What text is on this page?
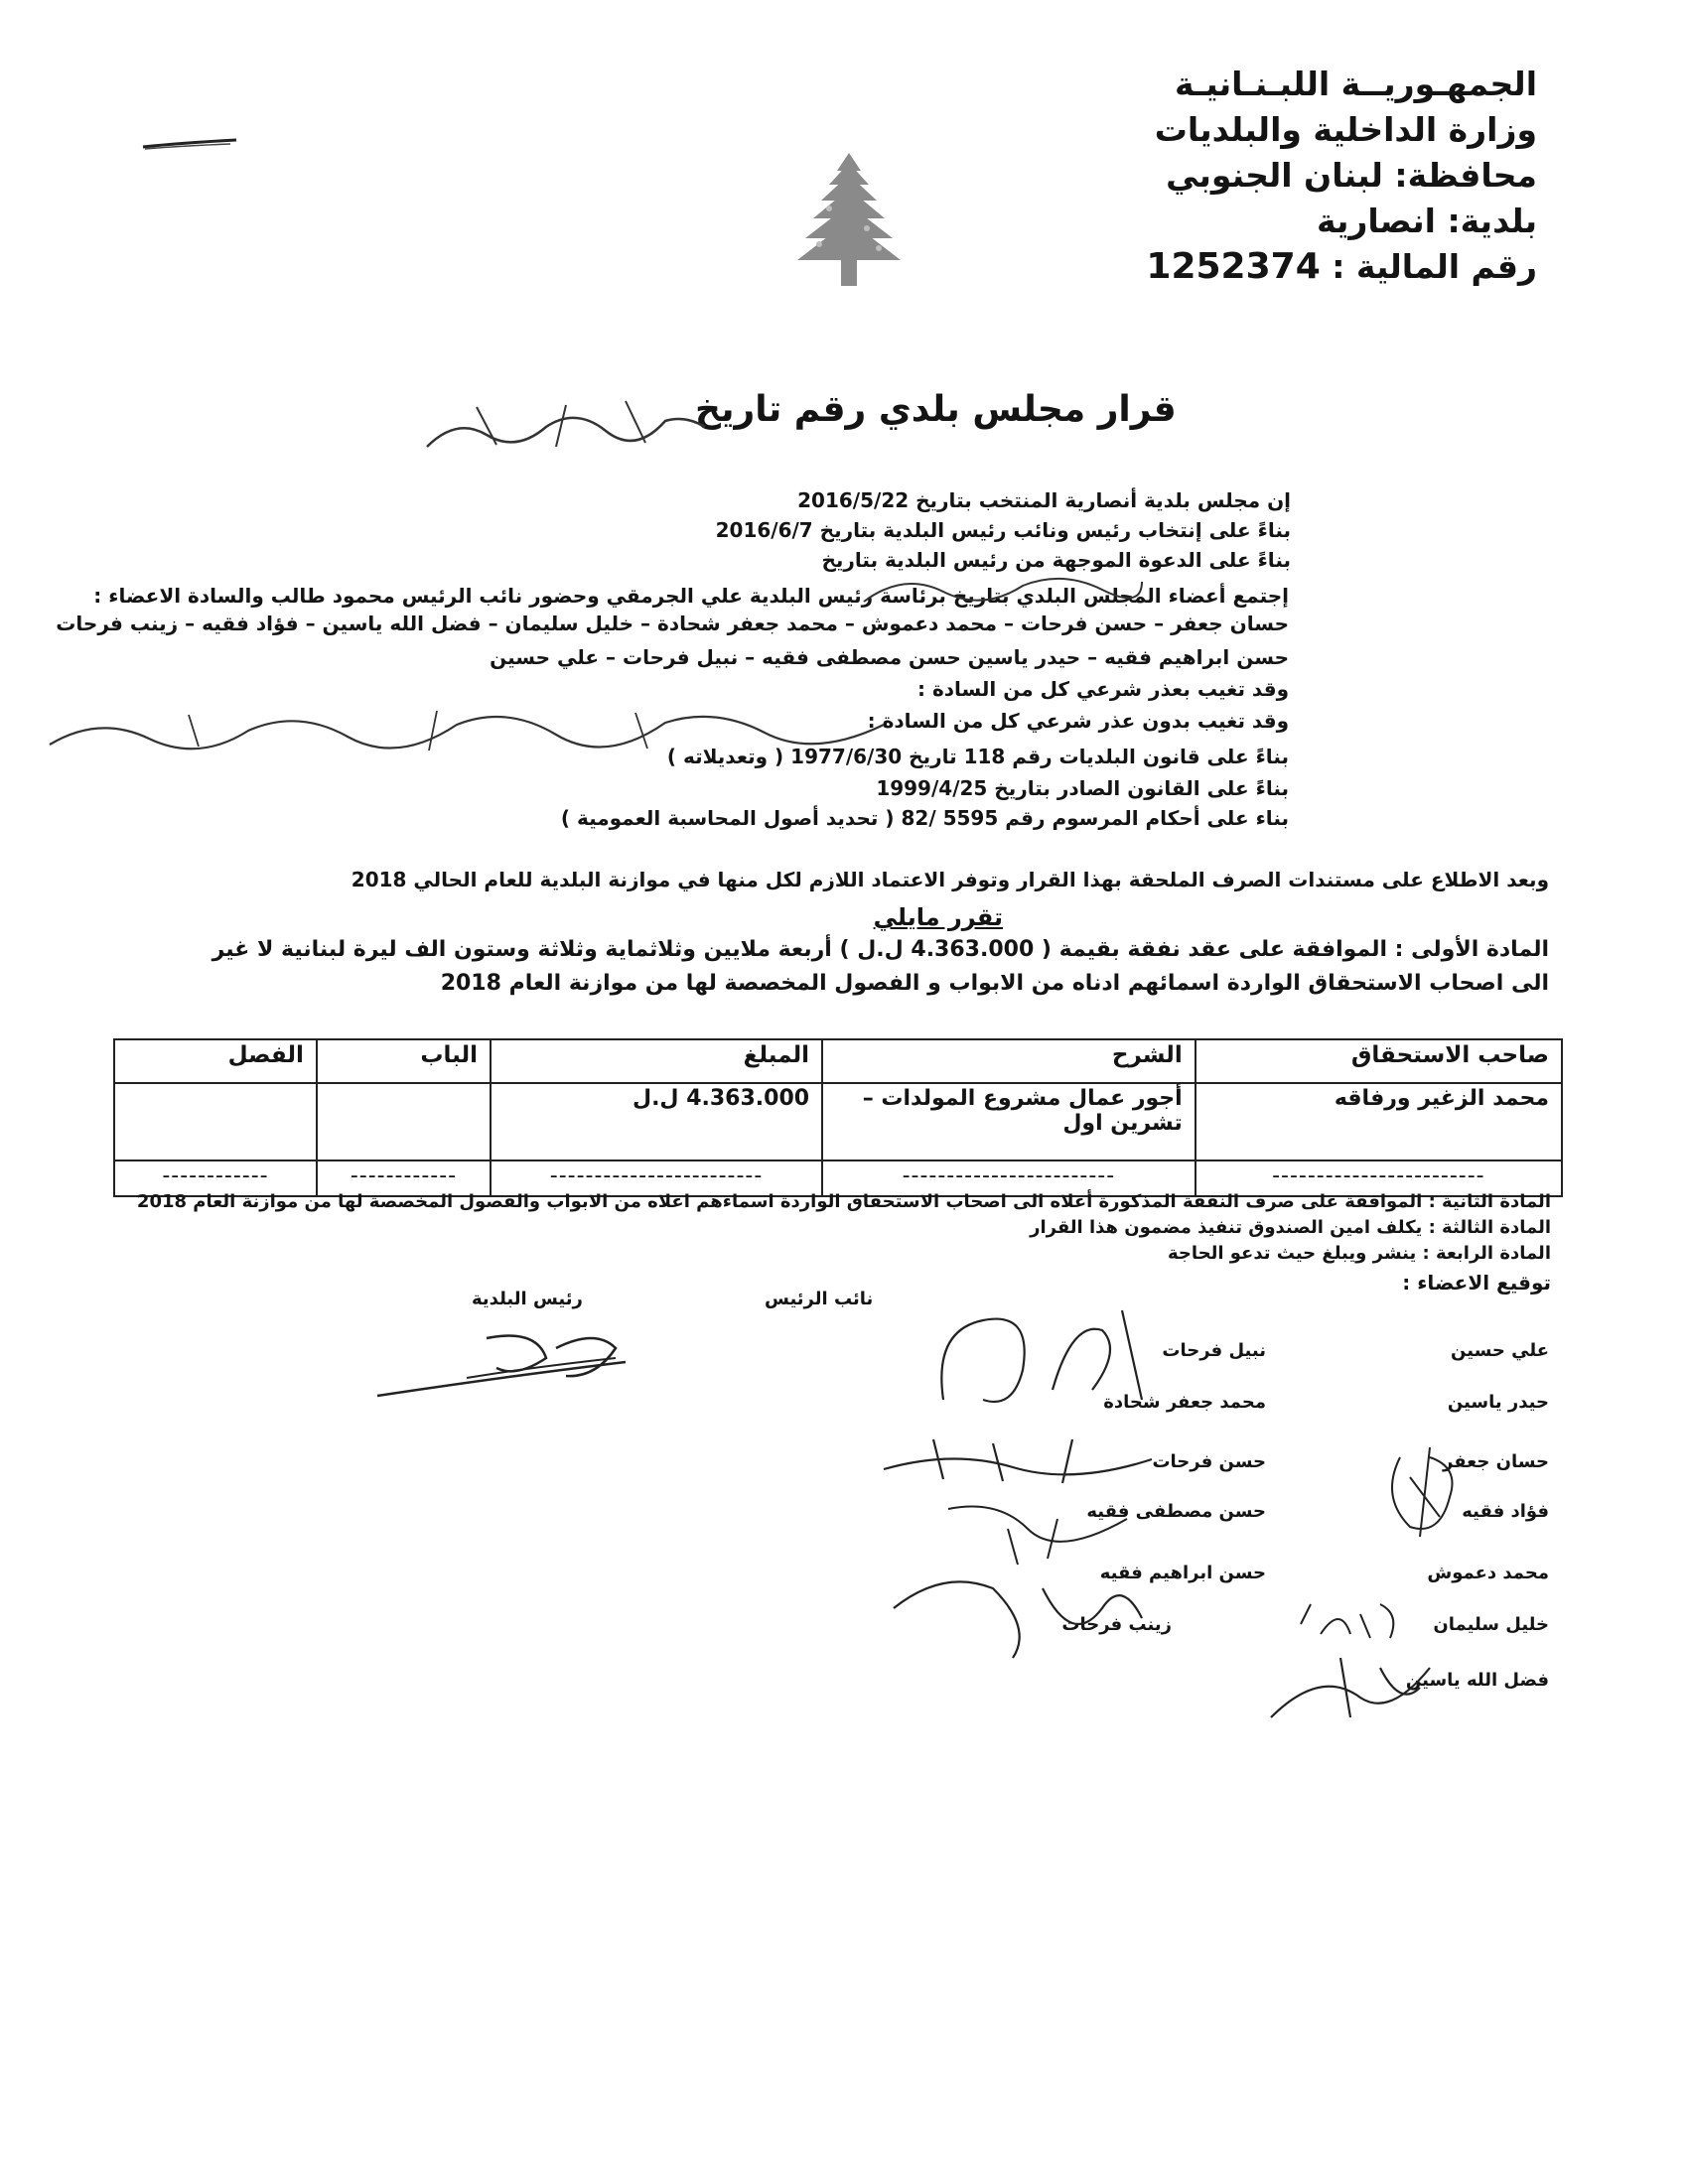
الجمهـوريــة اللبـنـانيـة
وزارة الداخلية والبلديات
محافظة: لبنان الجنوبي
بلدية: انصارية
رقم المالية : 1252374
قرار مجلس بلدي رقم تاريخ
إن مجلس بلدية أنصارية المنتخب بتاريخ 2016/5/22
بناءً على إنتخاب رئيس ونائب رئيس البلدية بتاريخ 2016/6/7
بناءً على الدعوة الموجهة من رئيس البلدية بتاريخ
إجتمع أعضاء المجلس البلدي بتاريخ برئاسة رئيس البلدية علي الجرمقي وحضور نائب الرئيس محمود طالب والسادة الاعضاء :
حسان جعفر – حسن فرحات – محمد دعموش – محمد جعفر شحادة – خليل سليمان – فضل الله ياسين – فؤاد فقيه – زينب فرحات
حسن ابراهيم فقيه – حيدر ياسين حسن مصطفى فقيه – نبيل فرحات – علي حسين
وقد تغيب بعذر شرعي كل من السادة :
وقد تغيب بدون عذر شرعي كل من السادة :
بناءً على قانون البلديات رقم 118 تاريخ 1977/6/30 ( وتعديلاته )
بناءً على القانون الصادر بتاريخ 1999/4/25
بناء على أحكام المرسوم رقم 5595 /82 ( تحديد أصول المحاسبة العمومية )
وبعد الاطلاع على مستندات الصرف الملحقة بهذا القرار وتوفر الاعتماد اللازم لكل منها في موازنة البلدية للعام الحالي 2018
تقرر مايلي
المادة الأولى : الموافقة على عقد نفقة بقيمة ( 4.363.000 ل.ل ) أربعة ملايين وثلاثماية وثلاثة وستون الف ليرة لبنانية لا غير
الى اصحاب الاستحقاق الواردة اسمائهم ادناه من الابواب و الفصول المخصصة لها من موازنة العام 2018
صاحب الاستحقاق	الشرح	المبلغ	الباب	الفصل
محمد الزغير ورفاقه	أجور عمال مشروع المولدات – تشرين اول	4.363.000 ل.ل		
------------------------	------------------------	------------------------	------------	------------
المادة الثانية : الموافقة على صرف النفقة المذكورة أعلاه الى اصحاب الاستحقاق الواردة اسماءهم اعلاه من الابواب والفصول المخصصة لها من موازنة العام 2018
المادة الثالثة : يكلف امين الصندوق تنفيذ مضمون هذا القرار
المادة الرابعة : ينشر ويبلغ حيث تدعو الحاجة
توقيع الاعضاء :
رئيس البلدية	نائب الرئيس
علي حسين
حيدر ياسين
حسان جعفر
فؤاد فقيه
محمد دعموش
خليل سليمان
فضل الله ياسين
نبيل فرحات
محمد جعفر شحادة
حسن فرحات
حسن مصطفى فقيه
حسن ابراهيم فقيه
زينب فرحات
